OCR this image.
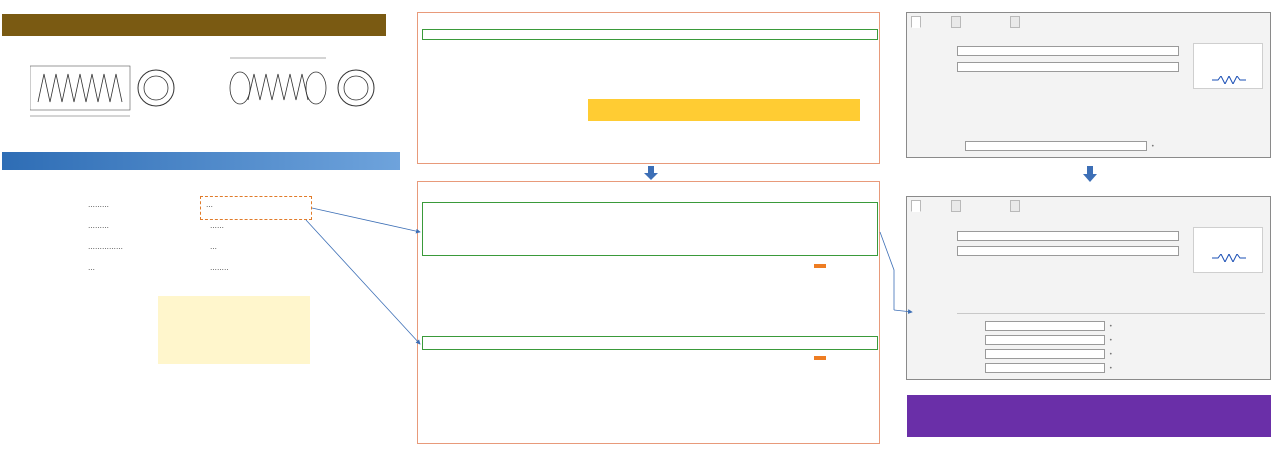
·········	···
·········	······
···············	···
···	········
•
•
•
•
•
